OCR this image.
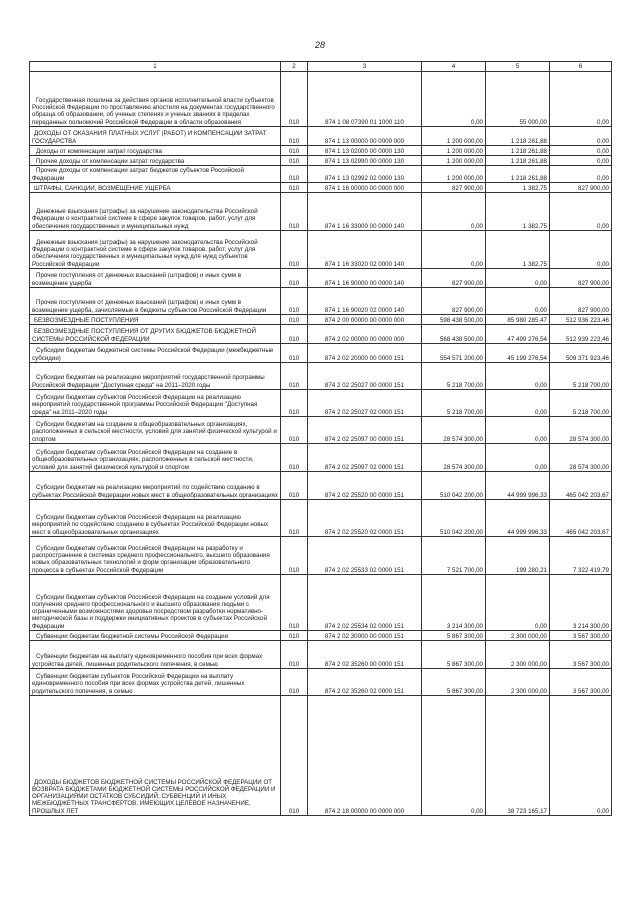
28
1	2	3	4	5	6
Государственная пошлина за действия органов исполнительной власти субъектов Российской Федерации по проставлению апостиля на документах государственного образца об образовании, об ученых степенях и ученых званиях в пределах переданных полномочий Российской Федерации в области образования	010	874 1 08 07390 01 1000 110	0,00	55 000,00	0,00
ДОХОДЫ ОТ ОКАЗАНИЯ ПЛАТНЫХ УСЛУГ (РАБОТ) И КОМПЕНСАЦИИ ЗАТРАТ ГОСУДАРСТВА	010	874 1 13 00000 00 0000 000	1 200 000,00	1 218 261,88	0,00
Доходы от компенсации затрат государства	010	874 1 13 02000 00 0000 130	1 200 000,00	1 218 261,88	0,00
Прочие доходы от компенсации затрат государства	010	874 1 13 02990 00 0000 130	1 200 000,00	1 218 261,88	0,00
Прочие доходы от компенсации затрат бюджетов субъектов Российской Федерации	010	874 1 13 02992 02 0000 130	1 200 000,00	1 218 261,88	0,00
ШТРАФЫ, САНКЦИИ, ВОЗМЕЩЕНИЕ УЩЕРБА	010	874 1 16 00000 00 0000 000	827 900,00	1 382,75	827 900,00
Денежные взыскания (штрафы) за нарушение законодательства Российской Федерации о контрактной системе в сфере закупок товаров, работ, услуг для обеспечения государственных и муниципальных нужд	010	874 1 16 33000 00 0000 140	0,00	1 382,75	0,00
Денежные взыскания (штрафы) за нарушение законодательства Российской Федерации о контрактной системе в сфере закупок товаров, работ, услуг для обеспечения государственных и муниципальных нужд для нужд субъектов Российской Федерации	010	874 1 16 33020 02 0000 140	0,00	1 382,75	0,00
Прочие поступления от денежных взысканий (штрафов) и иных сумм в возмещение ущерба	010	874 1 16 90000 00 0000 140	827 900,00	0,00	827 900,00
Прочие поступления от денежных взысканий (штрафов) и иных сумм в возмещение ущерба, зачисляемые в бюджеты субъектов Российской Федерации	010	874 1 16 90020 02 0000 140	827 900,00	0,00	827 900,00
БЕЗВОЗМЕЗДНЫЕ ПОСТУПЛЕНИЯ	010	874 2 00 00000 00 0000 000	598 438 500,00	85 980 285,47	512 936 223,46
БЕЗВОЗМЕЗДНЫЕ ПОСТУПЛЕНИЯ ОТ ДРУГИХ БЮДЖЕТОВ БЮДЖЕТНОЙ СИСТЕМЫ РОССИЙСКОЙ ФЕДЕРАЦИИ	010	874 2 02 00000 00 0000 000	568 438 500,00	47 499 276,54	512 939 223,46
Субсидии бюджетам бюджетной системы Российской Федерации (межбюджетные субсидии)	010	874 2 02 20000 00 0000 151	554 571 200,00	45 199 276,54	509 371 923,46
Субсидии бюджетам на реализацию мероприятий государственной программы Российской Федерации "Доступная среда" на 2011–2020 годы	010	874 2 02 25027 00 0000 151	5 218 700,00	0,00	5 218 700,00
Субсидии бюджетам субъектов Российской Федерации на реализацию мероприятий государственной программы Российской Федерации "Доступная среда" на 2011–2020 годы	010	874 2 02 25027 02 0000 151	5 218 700,00	0,00	5 218 700,00
Субсидии бюджетам на создание в общеобразовательных организациях, расположенных в сельской местности, условий для занятий физической культурой и спортом	010	874 2 02 25097 00 0000 151	28 574 300,00	0,00	28 574 300,00
Субсидии бюджетам субъектов Российской Федерации на создание в общеобразовательных организациях, расположенных в сельской местности, условий для занятий физической культурой и спортом	010	874 2 02 25097 02 0000 151	28 574 300,00	0,00	28 574 300,00
Субсидии бюджетам на реализацию мероприятий по содействию созданию в субъектах Российской Федерации новых мест в общеобразовательных организациях	010	874 2 02 25520 00 0000 151	510 042 200,00	44 999 996,33	465 042 203,67
Субсидии бюджетам субъектов Российской Федерации на реализацию мероприятий по содействию созданию в субъектах Российской Федерации новых мест в общеобразовательных организациях	010	874 2 02 25520 02 0000 151	510 042 200,00	44 999 996,33	465 042 203,67
Субсидии бюджетам субъектов Российской Федерации на разработку и распространение в системах среднего профессионального, высшего образования новых образовательных технологий и форм организации образовательного процесса в субъектах Российской Федерации	010	874 2 02 25533 02 0000 151	7 521 700,00	199 280,21	7 322 419,79
Субсидии бюджетам субъектов Российской Федерации на создание условий для получения среднего профессионального и высшего образования людьми с ограниченными возможностями здоровья посредством разработки нормативно-методической базы и поддержки инициативных проектов в субъектах Российской Федерации	010	874 2 02 25534 02 0000 151	3 214 300,00	0,00	3 214 300,00
Субвенции бюджетам бюджетной системы Российской Федерации	010	874 2 02 30000 00 0000 151	5 867 300,00	2 300 000,00	3 567 300,00
Субвенции бюджетам на выплату единовременного пособия при всех формах устройства детей, лишенных родительского попечения, в семью	010	874 2 02 35260 00 0000 151	5 867 300,00	2 300 000,00	3 567 300,00
Субвенции бюджетам субъектов Российской Федерации на выплату единовременного пособия при всех формах устройства детей, лишенных родительского попечения, в семью	010	874 2 02 35260 02 0000 151	5 867 300,00	2 300 000,00	3 567 300,00
ДОХОДЫ БЮДЖЕТОВ БЮДЖЕТНОЙ СИСТЕМЫ РОССИЙСКОЙ ФЕДЕРАЦИИ ОТ ВОЗВРАТА БЮДЖЕТАМИ БЮДЖЕТНОЙ СИСТЕМЫ РОССИЙСКОЙ ФЕДЕРАЦИИ И ОРГАНИЗАЦИЯМИ ОСТАТКОВ СУБСИДИЙ, СУБВЕНЦИЙ И ИНЫХ МЕЖБЮДЖЕТНЫХ ТРАНСФЕРТОВ, ИМЕЮЩИХ ЦЕЛЕВОЕ НАЗНАЧЕНИЕ, ПРОШЛЫХ ЛЕТ	010	874 2 18 00000 00 0000 000	0,00	38 723 165,17	0,00
